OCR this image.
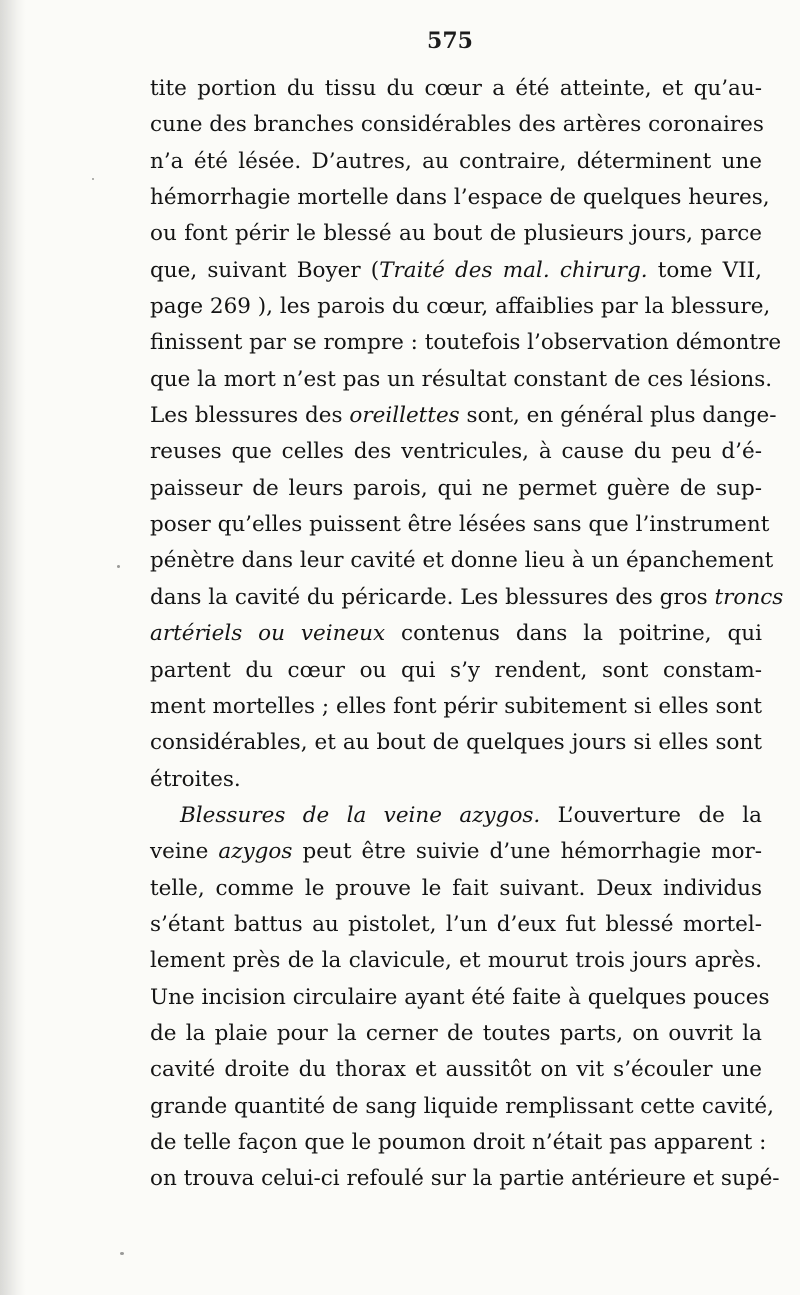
575
tite portion du tissu du cœur a été atteinte, et qu’au-
cune des branches considérables des artères coronaires
n’a été lésée. D’autres, au contraire, déterminent une
hémorrhagie mortelle dans l’espace de quelques heures,
ou font périr le blessé au bout de plusieurs jours, parce
que, suivant Boyer (Traité des mal. chirurg. tome VII,
page 269 ), les parois du cœur, affaiblies par la blessure,
finissent par se rompre : toutefois l’observation démontre
que la mort n’est pas un résultat constant de ces lésions.
Les blessures des oreillettes sont, en général plus dange-
reuses que celles des ventricules, à cause du peu d’é-
paisseur de leurs parois, qui ne permet guère de sup-
poser qu’elles puissent être lésées sans que l’instrument
pénètre dans leur cavité et donne lieu à un épanchement
dans la cavité du péricarde. Les blessures des gros troncs
artériels ou veineux contenus dans la poitrine, qui
partent du cœur ou qui s’y rendent, sont constam-
ment mortelles ; elles font périr subitement si elles sont
considérables, et au bout de quelques jours si elles sont
étroites.
Blessures de la veine azygos. L’ouverture de la
veine azygos peut être suivie d’une hémorrhagie mor-
telle, comme le prouve le fait suivant. Deux individus
s’étant battus au pistolet, l’un d’eux fut blessé mortel-
lement près de la clavicule, et mourut trois jours après.
Une incision circulaire ayant été faite à quelques pouces
de la plaie pour la cerner de toutes parts, on ouvrit la
cavité droite du thorax et aussitôt on vit s’écouler une
grande quantité de sang liquide remplissant cette cavité,
de telle façon que le poumon droit n’était pas apparent :
on trouva celui-ci refoulé sur la partie antérieure et supé-
